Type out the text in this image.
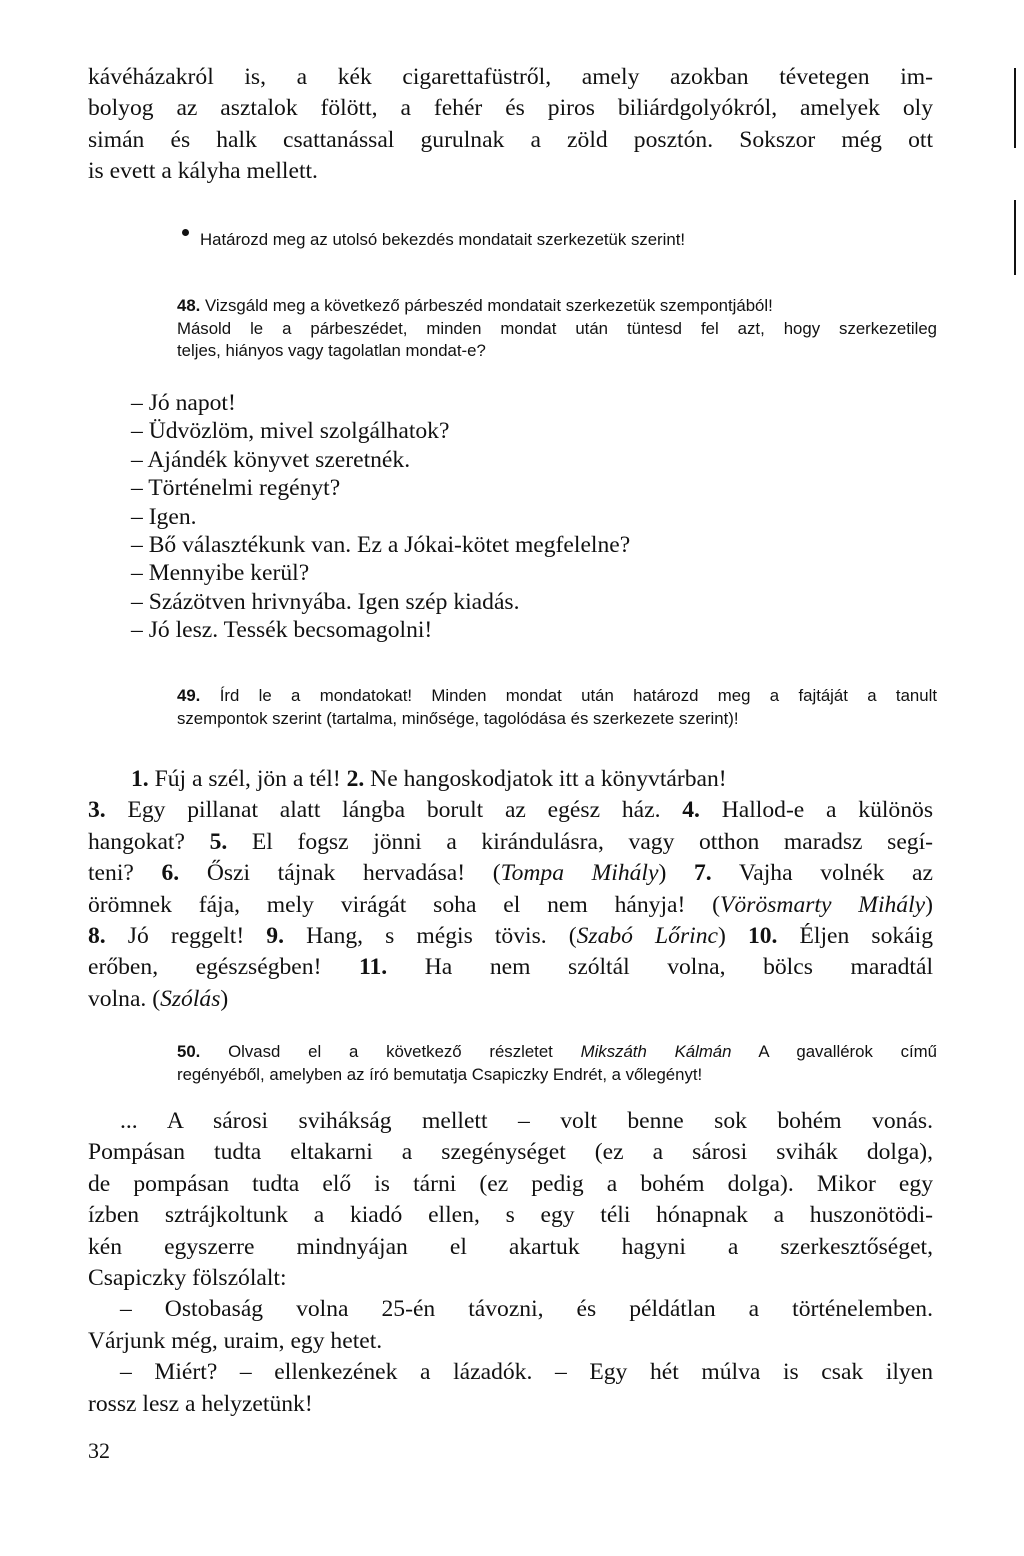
kávéházakról is, a kék cigarettafüstről, amely azokban tévetegen im-
bolyog az asztalok fölött, a fehér és piros biliárdgolyókról, amelyek oly
simán és halk csattanással gurulnak a zöld posztón. Sokszor még ott
is evett a kályha mellett.
Határozd meg az utolsó bekezdés mondatait szerkezetük szerint!
48. Vizsgáld meg a következő párbeszéd mondatait szerkezetük szempontjából!
Másold le a párbeszédet, minden mondat után tüntesd fel azt, hogy szerkezetileg
teljes, hiányos vagy tagolatlan mondat-e?
– Jó napot!
– Üdvözlöm, mivel szolgálhatok?
– Ajándék könyvet szeretnék.
– Történelmi regényt?
– Igen.
– Bő választékunk van. Ez a Jókai-kötet megfelelne?
– Mennyibe kerül?
– Százötven hrivnyába. Igen szép kiadás.
– Jó lesz. Tessék becsomagolni!
49. Írd le a mondatokat! Minden mondat után határozd meg a fajtáját a tanult
szempontok szerint (tartalma, minősége, tagolódása és szerkezete szerint)!
1. Fúj a szél, jön a tél! 2. Ne hangoskodjatok itt a könyvtárban!
3. Egy pillanat alatt lángba borult az egész ház. 4. Hallod-e a különös
hangokat? 5. El fogsz jönni a kirándulásra, vagy otthon maradsz segí-
teni? 6. Őszi tájnak hervadása! (Tompa Mihály) 7. Vajha volnék az
örömnek fája, mely virágát soha el nem hányja! (Vörösmarty Mihály)
8. Jó reggelt! 9. Hang, s mégis tövis. (Szabó Lőrinc) 10. Éljen sokáig
erőben, egészségben! 11. Ha nem szóltál volna, bölcs maradtál
volna. (Szólás)
50. Olvasd el a következő részletet Mikszáth Kálmán A gavallérok című
regényéből, amelyben az író bemutatja Csapiczky Endrét, a vőlegényt!
... A sárosi svihákság mellett – volt benne sok bohém vonás.
Pompásan tudta eltakarni a szegénységet (ez a sárosi svihák dolga),
de pompásan tudta elő is tárni (ez pedig a bohém dolga). Mikor egy
ízben sztrájkoltunk a kiadó ellen, s egy téli hónapnak a huszonötödi-
kén egyszerre mindnyájan el akartuk hagyni a szerkesztőséget,
Csapiczky fölszólalt:
– Ostobaság volna 25-én távozni, és példátlan a történelemben.
Várjunk még, uraim, egy hetet.
– Miért? – ellenkezének a lázadók. – Egy hét múlva is csak ilyen
rossz lesz a helyzetünk!
32
